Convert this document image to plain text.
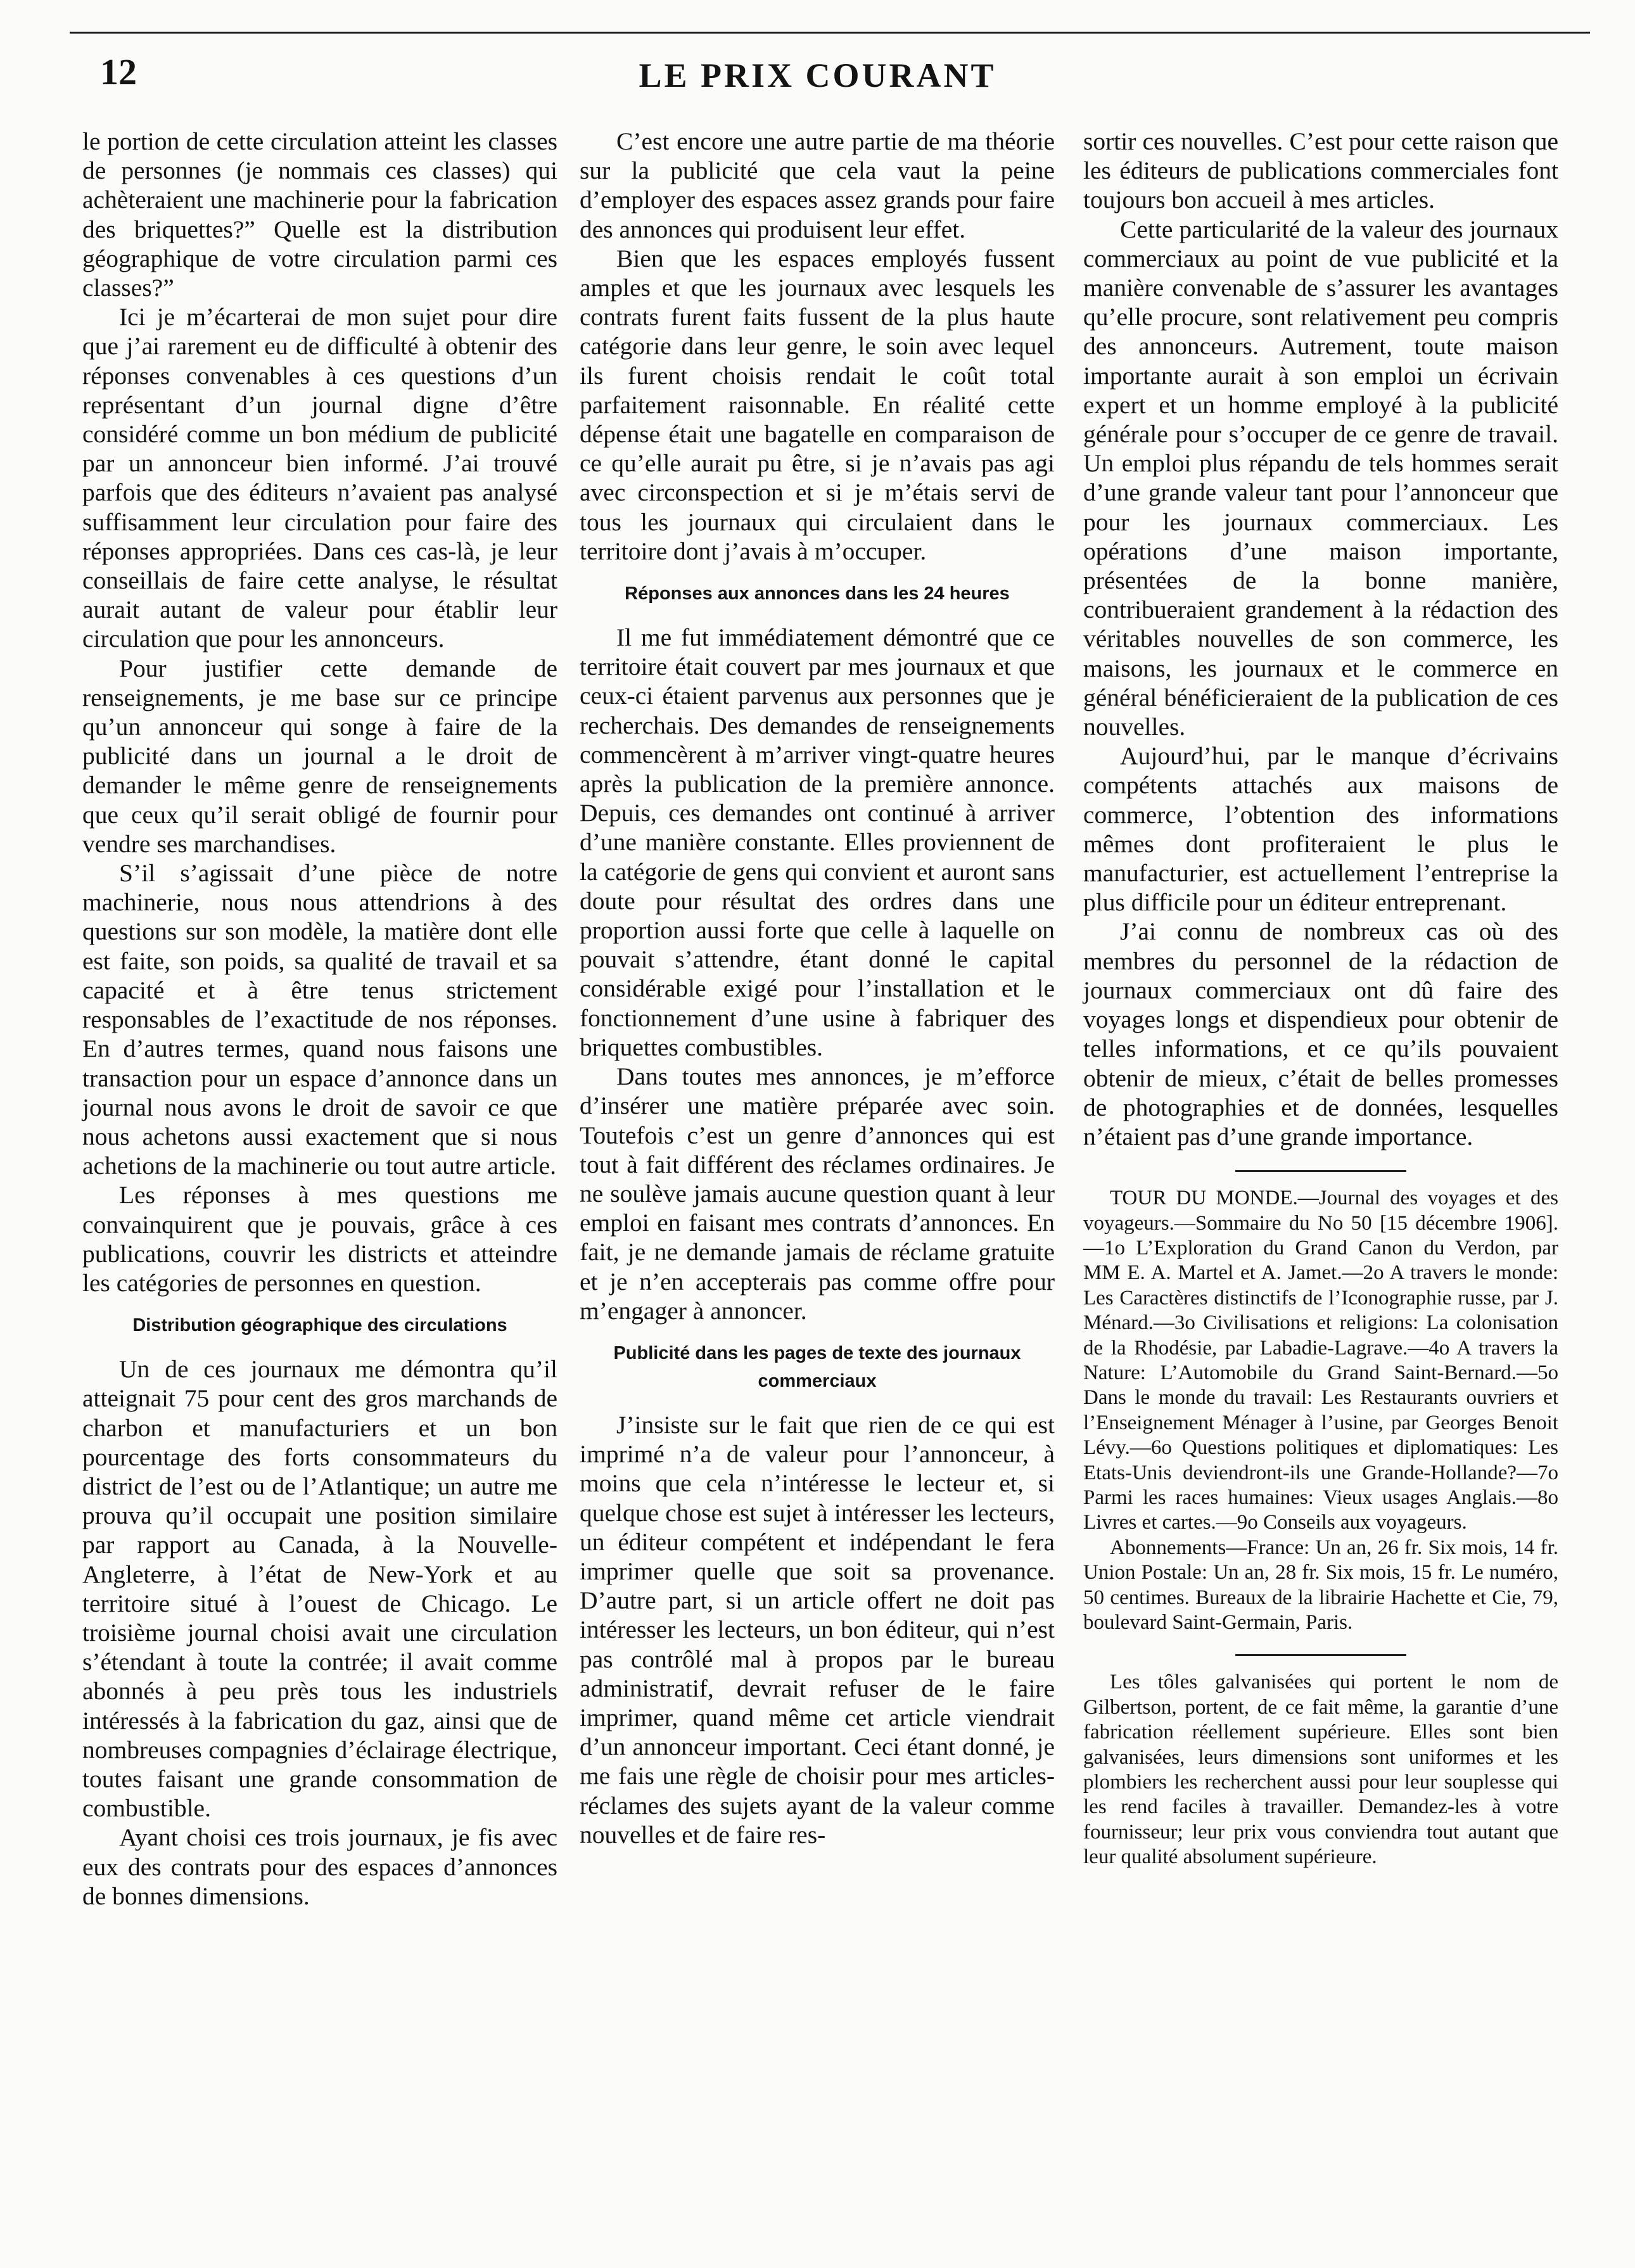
12	LE PRIX COURANT

le portion de cette circulation atteint les classes de personnes (je nommais ces classes) qui achèteraient une machinerie pour la fabrication des briquettes?” Quelle est la distribution géographique de votre circulation parmi ces classes?”

Ici je m’écarterai de mon sujet pour dire que j’ai rarement eu de difficulté à obtenir des réponses convenables à ces questions d’un représentant d’un journal digne d’être considéré comme un bon médium de publicité par un annonceur bien informé. J’ai trouvé parfois que des éditeurs n’avaient pas analysé suffisamment leur circulation pour faire des réponses appropriées. Dans ces cas-là, je leur conseillais de faire cette analyse, le résultat aurait autant de valeur pour établir leur circulation que pour les annonceurs.

Pour justifier cette demande de renseignements, je me base sur ce principe qu’un annonceur qui songe à faire de la publicité dans un journal a le droit de demander le même genre de renseignements que ceux qu’il serait obligé de fournir pour vendre ses marchandises.

S’il s’agissait d’une pièce de notre machinerie, nous nous attendrions à des questions sur son modèle, la matière dont elle est faite, son poids, sa qualité de travail et sa capacité et à être tenus strictement responsables de l’exactitude de nos réponses. En d’autres termes, quand nous faisons une transaction pour un espace d’annonce dans un journal nous avons le droit de savoir ce que nous achetons aussi exactement que si nous achetions de la machinerie ou tout autre article.

Les réponses à mes questions me convainquirent que je pouvais, grâce à ces publications, couvrir les districts et atteindre les catégories de personnes en question.

Distribution géographique des circulations

Un de ces journaux me démontra qu’il atteignait 75 pour cent des gros marchands de charbon et manufacturiers et un bon pourcentage des forts consommateurs du district de l’est ou de l’Atlantique; un autre me prouva qu’il occupait une position similaire par rapport au Canada, à la Nouvelle-Angleterre, à l’état de New-York et au territoire situé à l’ouest de Chicago. Le troisième journal choisi avait une circulation s’étendant à toute la contrée; il avait comme abonnés à peu près tous les industriels intéressés à la fabrication du gaz, ainsi que de nombreuses compagnies d’éclairage électrique, toutes faisant une grande consommation de combustible.

Ayant choisi ces trois journaux, je fis avec eux des contrats pour des espaces d’annonces de bonnes dimensions.

C’est encore une autre partie de ma théorie sur la publicité que cela vaut la peine d’employer des espaces assez grands pour faire des annonces qui produisent leur effet.

Bien que les espaces employés fussent amples et que les journaux avec lesquels les contrats furent faits fussent de la plus haute catégorie dans leur genre, le soin avec lequel ils furent choisis rendait le coût total parfaitement raisonnable. En réalité cette dépense était une bagatelle en comparaison de ce qu’elle aurait pu être, si je n’avais pas agi avec circonspection et si je m’étais servi de tous les journaux qui circulaient dans le territoire dont j’avais à m’occuper.

Réponses aux annonces dans les 24 heures

Il me fut immédiatement démontré que ce territoire était couvert par mes journaux et que ceux-ci étaient parvenus aux personnes que je recherchais. Des demandes de renseignements commencèrent à m’arriver vingt-quatre heures après la publication de la première annonce. Depuis, ces demandes ont continué à arriver d’une manière constante. Elles proviennent de la catégorie de gens qui convient et auront sans doute pour résultat des ordres dans une proportion aussi forte que celle à laquelle on pouvait s’attendre, étant donné le capital considérable exigé pour l’installation et le fonctionnement d’une usine à fabriquer des briquettes combustibles.

Dans toutes mes annonces, je m’efforce d’insérer une matière préparée avec soin. Toutefois c’est un genre d’annonces qui est tout à fait différent des réclames ordinaires. Je ne soulève jamais aucune question quant à leur emploi en faisant mes contrats d’annonces. En fait, je ne demande jamais de réclame gratuite et je n’en accepterais pas comme offre pour m’engager à annoncer.

Publicité dans les pages de texte des journaux commerciaux

J’insiste sur le fait que rien de ce qui est imprimé n’a de valeur pour l’annonceur, à moins que cela n’intéresse le lecteur et, si quelque chose est sujet à intéresser les lecteurs, un éditeur compétent et indépendant le fera imprimer quelle que soit sa provenance. D’autre part, si un article offert ne doit pas intéresser les lecteurs, un bon éditeur, qui n’est pas contrôlé mal à propos par le bureau administratif, devrait refuser de le faire imprimer, quand même cet article viendrait d’un annonceur important. Ceci étant donné, je me fais une règle de choisir pour mes articles-réclames des sujets ayant de la valeur comme nouvelles et de faire res-

sortir ces nouvelles. C’est pour cette raison que les éditeurs de publications commerciales font toujours bon accueil à mes articles.

Cette particularité de la valeur des journaux commerciaux au point de vue publicité et la manière convenable de s’assurer les avantages qu’elle procure, sont relativement peu compris des annonceurs. Autrement, toute maison importante aurait à son emploi un écrivain expert et un homme employé à la publicité générale pour s’occuper de ce genre de travail. Un emploi plus répandu de tels hommes serait d’une grande valeur tant pour l’annonceur que pour les journaux commerciaux. Les opérations d’une maison importante, présentées de la bonne manière, contribueraient grandement à la rédaction des véritables nouvelles de son commerce, les maisons, les journaux et le commerce en général bénéficieraient de la publication de ces nouvelles.

Aujourd’hui, par le manque d’écrivains compétents attachés aux maisons de commerce, l’obtention des informations mêmes dont profiteraient le plus le manufacturier, est actuellement l’entreprise la plus difficile pour un éditeur entreprenant.

J’ai connu de nombreux cas où des membres du personnel de la rédaction de journaux commerciaux ont dû faire des voyages longs et dispendieux pour obtenir de telles informations, et ce qu’ils pouvaient obtenir de mieux, c’était de belles promesses de photographies et de données, lesquelles n’étaient pas d’une grande importance.

TOUR DU MONDE.—Journal des voyages et des voyageurs.—Sommaire du No 50 [15 décembre 1906].—1o L’Exploration du Grand Canon du Verdon, par MM E. A. Martel et A. Jamet.—2o A travers le monde: Les Caractères distinctifs de l’Iconographie russe, par J. Ménard.—3o Civilisations et religions: La colonisation de la Rhodésie, par Labadie-Lagrave.—4o A travers la Nature: L’Automobile du Grand Saint-Bernard.—5o Dans le monde du travail: Les Restaurants ouvriers et l’Enseignement Ménager à l’usine, par Georges Benoit Lévy.—6o Questions politiques et diplomatiques: Les Etats-Unis deviendront-ils une Grande-Hollande?—7o Parmi les races humaines: Vieux usages Anglais.—8o Livres et cartes.—9o Conseils aux voyageurs.

Abonnements—France: Un an, 26 fr. Six mois, 14 fr. Union Postale: Un an, 28 fr. Six mois, 15 fr. Le numéro, 50 centimes. Bureaux de la librairie Hachette et Cie, 79, boulevard Saint-Germain, Paris.

Les tôles galvanisées qui portent le nom de Gilbertson, portent, de ce fait même, la garantie d’une fabrication réellement supérieure. Elles sont bien galvanisées, leurs dimensions sont uniformes et les plombiers les recherchent aussi pour leur souplesse qui les rend faciles à travailler. Demandez-les à votre fournisseur; leur prix vous conviendra tout autant que leur qualité absolument supérieure.
